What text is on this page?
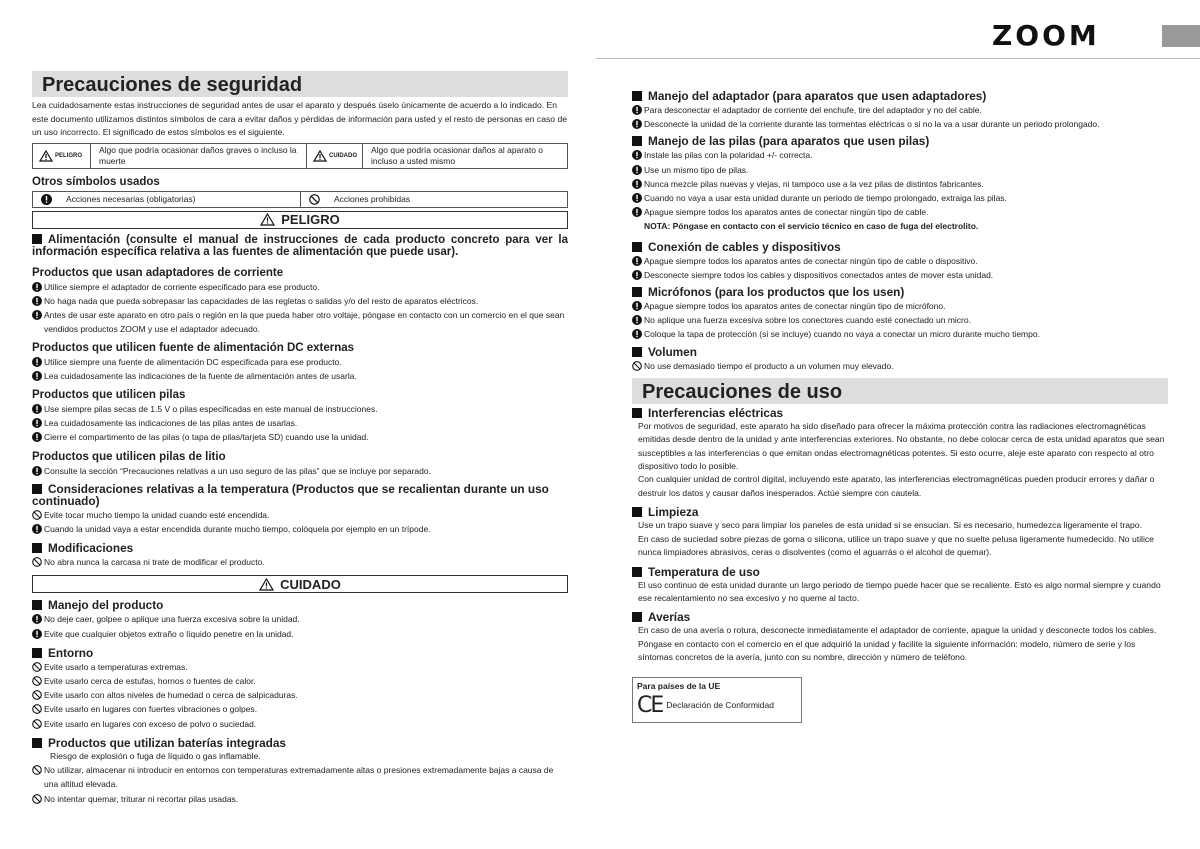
ZOOM
Precauciones de seguridad

Lea cuidadosamente estas instrucciones de seguridad antes de usar el aparato y después úselo únicamente de acuerdo a lo indicado. En este documento utilizamos distintos símbolos de cara a evitar daños y pérdidas de información para usted y el resto de personas en caso de un uso incorrecto. El significado de estos símbolos es el siguiente.

PELIGRO
Algo que podría ocasionar daños graves o incluso la muerte	CUIDADO
Algo que podría ocasionar daños al aparato o incluso a usted mismo
Otros símbolos usados
Acciones necesarias (obligatorias)	Acciones prohibidas
PELIGRO
Alimentación (consulte el manual de instrucciones de cada producto concreto para ver la información específica relativa a las fuentes de alimentación que puede usar).
Productos que usan adaptadores de corriente
Utilice siempre el adaptador de corriente especificado para ese producto.
No haga nada que pueda sobrepasar las capacidades de las regletas o salidas y/o del resto de aparatos eléctricos.
Antes de usar este aparato en otro país o región en la que pueda haber otro voltaje, póngase en contacto con un comercio en el que sean vendidos productos ZOOM y use el adaptador adecuado.
Productos que utilicen fuente de alimentación DC externas
Utilice siempre una fuente de alimentación DC especificada para ese producto.
Lea cuidadosamente las indicaciones de la fuente de alimentación antes de usarla.
Productos que utilicen pilas
Use siempre pilas secas de 1.5 V o pilas especificadas en este manual de instrucciones.
Lea cuidadosamente las indicaciones de las pilas antes de usarlas.
Cierre el compartimento de las pilas (o tapa de pilas/tarjeta SD) cuando use la unidad.
Productos que utilicen pilas de litio
Consulte la sección “Precauciones relativas a un uso seguro de las pilas” que se incluye por separado.
Consideraciones relativas a la temperatura (Productos que se recalientan durante un uso continuado)
Evite tocar mucho tiempo la unidad cuando esté encendida.
Cuando la unidad vaya a estar encendida durante mucho tiempo, colóquela por ejemplo en un trípode.
Modificaciones
No abra nunca la carcasa ni trate de modificar el producto.
CUIDADO
Manejo del producto
No deje caer, golpee o aplique una fuerza excesiva sobre la unidad.
Evite que cualquier objetos extraño o líquido penetre en la unidad.
Entorno
Evite usarlo a temperaturas extremas.
Evite usarlo cerca de estufas, hornos o fuentes de calor.
Evite usarlo con altos niveles de humedad o cerca de salpicaduras.
Evite usarlo en lugares con fuertes vibraciones o golpes.
Evite usarlo en lugares con exceso de polvo o suciedad.
Productos que utilizan baterías integradas
Riesgo de explosión o fuga de líquido o gas inflamable.
No utilizar, almacenar ni introducir en entornos con temperaturas extremadamente altas o presiones extremadamente bajas a causa de una altitud elevada.
No intentar quemar, triturar ni recortar pilas usadas.
Manejo del adaptador (para aparatos que usen adaptadores)
Para desconectar el adaptador de corriente del enchufe, tire del adaptador y no del cable.
Desconecte la unidad de la corriente durante las tormentas eléctricas o si no la va a usar durante un periodo prolongado.
Manejo de las pilas (para aparatos que usen pilas)
Instale las pilas con la polaridad +/- correcta.
Use un mismo tipo de pilas.
Nunca mezcle pilas nuevas y viejas, ni tampoco use a la vez pilas de distintos fabricantes.
Cuando no vaya a usar esta unidad durante un periodo de tiempo prolongado, extraiga las pilas.
Apague siempre todos los aparatos antes de conectar ningún tipo de cable.
NOTA: Póngase en contacto con el servicio técnico en caso de fuga del electrolito.
Conexión de cables y dispositivos
Apague siempre todos los aparatos antes de conectar ningún tipo de cable o dispositivo.
Desconecte siempre todos los cables y dispositivos conectados antes de mover esta unidad.
Micrófonos (para los productos que los usen)
Apague siempre todos los aparatos antes de conectar ningún tipo de micrófono.
No aplique una fuerza excesiva sobre los conectores cuando esté conectado un micro.
Coloque la tapa de protección (si se incluye) cuando no vaya a conectar un micro durante mucho tiempo.
Volumen
No use demasiado tiempo el producto a un volumen muy elevado.
Precauciones de uso
Interferencias eléctricas
Por motivos de seguridad, este aparato ha sido diseñado para ofrecer la máxima protección contra las radiaciones electromagnéticas emitidas desde dentro de la unidad y ante interferencias exteriores. No obstante, no debe colocar cerca de esta unidad aparatos que sean susceptibles a las interferencias o que emitan ondas electromagnéticas potentes. Si esto ocurre, aleje este aparato con respecto al otro dispositivo todo lo posible.
Con cualquier unidad de control digital, incluyendo este aparato, las interferencias electromagnéticas pueden producir errores y dañar o destruir los datos y causar daños inesperados. Actúe siempre con cautela.
Limpieza
Use un trapo suave y seco para limpiar los paneles de esta unidad si se ensucian. Si es necesario, humedezca ligeramente el trapo.
En caso de suciedad sobre piezas de goma o silicona, utilice un trapo suave y que no suelte pelusa ligeramente humedecido. No utilice nunca limpiadores abrasivos, ceras o disolventes (como el aguarrás o el alcohol de quemar).
Temperatura de uso
El uso continuo de esta unidad durante un largo periodo de tiempo puede hacer que se recaliente. Esto es algo normal siempre y cuando ese recalentamiento no sea excesivo y no queme al tacto.
Averías
En caso de una avería o rotura, desconecte inmediatamente el adaptador de corriente, apague la unidad y desconecte todos los cables.
Póngase en contacto con el comercio en el que adquirió la unidad y facilite la siguiente información: modelo, número de serie y los síntomas concretos de la avería, junto con su nombre, dirección y número de teléfono.
Para países de la UE
CE Declaración de Conformidad
